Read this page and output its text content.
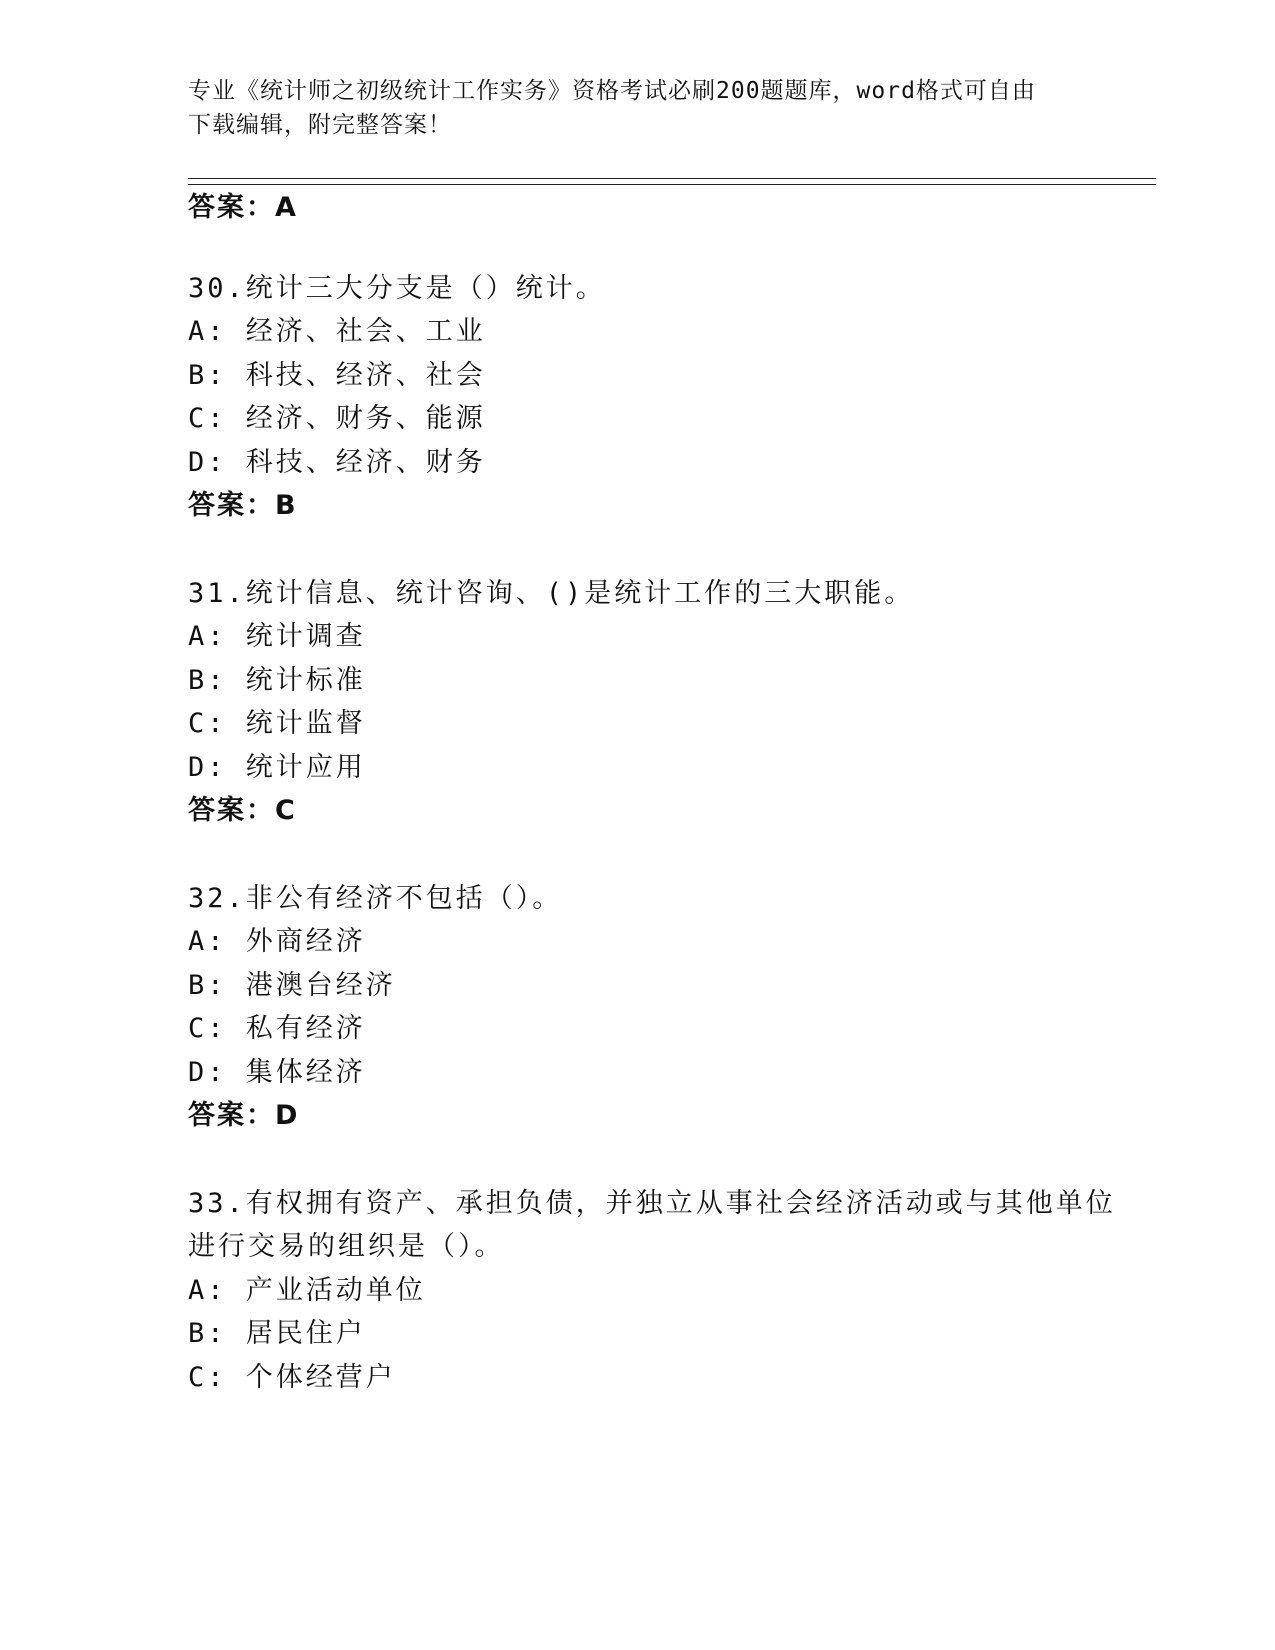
专业《统计师之初级统计工作实务》资格考试必刷200题题库，word格式可自由
下载编辑，附完整答案！
答案：A
30.统计三大分支是（）统计。
A: 经济、社会、工业
B: 科技、经济、社会
C: 经济、财务、能源
D: 科技、经济、财务
答案：B
31.统计信息、统计咨询、()是统计工作的三大职能。
A: 统计调查
B: 统计标准
C: 统计监督
D: 统计应用
答案：C
32.非公有经济不包括（）。
A: 外商经济
B: 港澳台经济
C: 私有经济
D: 集体经济
答案：D
33.有权拥有资产、承担负债，并独立从事社会经济活动或与其他单位
进行交易的组织是（）。
A: 产业活动单位
B: 居民住户
C: 个体经营户
